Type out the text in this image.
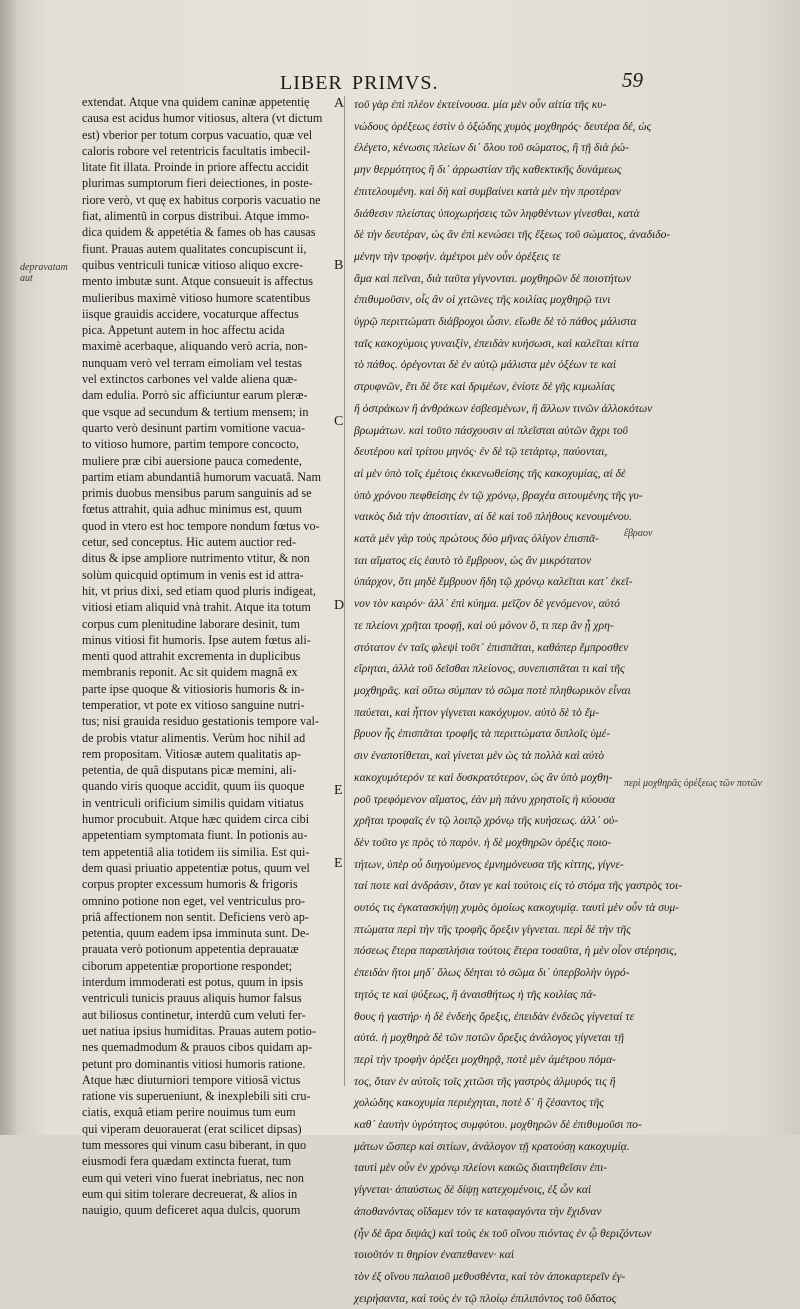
LIBER PRIMVS.	59
extendat. Atque vna quidem caninæ appetentię
causa est acidus humor vitiosus, altera (vt dictum
est) vberior per totum corpus vacuatio, quæ vel
caloris robore vel retentricis facultatis imbecil-
litate fit illata. Proinde in priore affectu accidit
plurimas sumptorum fieri deiectiones, in poste-
riore verò, vt quę ex habitus corporis vacuatio ne
fiat, alimentũ in corpus distribui. Atque immo-
dica quidem & appetétia & fames ob has causas
fiunt. Prauas autem qualitates concupiscunt ii,
quibus ventriculi tunicæ vitioso aliquo excre-
mento imbutæ sunt. Atque consueuit is affectus
mulieribus maximè vitioso humore scatentibus
iisque grauidis accidere, vocaturque affectus
pica. Appetunt autem in hoc affectu acida
maximè acerbaque, aliquando verò acria, non-
nunquam verò vel terram eimoliam vel testas
vel extinctos carbones vel valde aliena quæ-
dam edulia. Porrò sic afficiuntur earum pleræ-
que vsque ad secundum & tertium mensem; in
quarto verò desinunt partim vomitione vacua-
to vitioso humore, partim tempore concocto,
muliere præ cibi auersione pauca comedente,
partim etiam abundantiâ humorum vacuatâ. Nam
primis duobus mensibus parum sanguinis ad se
fœtus attrahit, quia adhuc minimus est, quum
quod in vtero est hoc tempore nondum fœtus vo-
cetur, sed conceptus. Hic autem auctior red-
ditus & ipse ampliore nutrimento vtitur, & non
solùm quicquid optimum in venis est id attra-
hit, vt prius dixi, sed etiam quod pluris indigeat,
vitiosi etiam aliquid vnà trahit. Atque ita totum
corpus cum plenitudine laborare desinit, tum
minus vitiosi fit humoris. Ipse autem fœtus ali-
menti quod attrahit excrementa in duplicibus
membranis reponit. Ac sit quidem magnâ ex
parte ipse quoque & vitiosioris humoris & in-
temperatior, vt pote ex vitioso sanguine nutri-
tus; nisi grauida residuo gestationis tempore val-
de probis vtatur alimentis. Verùm hoc nihil ad
rem propositam. Vitiosæ autem qualitatis ap-
petentia, de quâ disputans picæ memini, ali-
quando viris quoque accidit, quum iis quoque
in ventriculi orificium similis quidam vitiatus
humor procubuit. Atque hæc quidem circa cibi
appetentiam symptomata fiunt. In potionis au-
tem appetentiâ alia totidem iis similia. Est qui-
dem quasi priuatio appetentiæ potus, quum vel
corpus propter excessum humoris & frigoris
omnino potione non eget, vel ventriculus pro-
priâ affectionem non sentit. Deficiens verò ap-
petentia, quum eadem ipsa imminuta sunt. De-
prauata verò potionum appetentia deprauatæ
ciborum appetentiæ proportione respondet;
interdum immoderati est potus, quum in ipsis
ventriculi tunicis prauus aliquis humor falsus
aut biliosus continetur, interdũ cum veluti fer-
uet natiua ipsius humiditas. Prauas autem potio-
nes quemadmodum & prauos cibos quidam ap-
petunt pro dominantis vitiosi humoris ratione.
Atque hæc diuturniori tempore vitiosã victus
ratione vis superueniunt, & inexplebili siti cru-
ciatis, exquâ etiam perire nouimus tum eum
qui viperam deuorauerat (erat scilicet dipsas)
tum messores qui vinum casu biberant, in quo
eiusmodi fera quædam extincta fuerat, tum
eum qui veteri vino fuerat inebriatus, nec non
eum qui sitim tolerare decreuerat, & alios in
nauigio, quum deficeret aqua dulcis, quorum
τοῦ γὰρ ἐπὶ πλέον ἐκτείνουσα. μία μὲν οὖν αἰτία τῆς κυ-
νώδους ὀρέξεως ἐστὶν ὁ ὀξώδης χυμὸς μοχθηρός· δευτέρα δέ, ὡς
ἐλέγετο, κένωσις πλείων δι᾽ ὅλου τοῦ σώματος, ἢ τῇ διὰ ῥώ-
μην θερμότητος ἢ δι᾽ ἀρρωστίαν τῆς καθεκτικῆς δυνάμεως
ἐπιτελουμένη. καὶ δὴ καὶ συμβαίνει κατὰ μὲν τὴν προτέραν
διάθεσιν πλείστας ὑποχωρήσεις τῶν ληφθέντων γίνεσθαι, κατὰ
δὲ τὴν δευτέραν, ὡς ἂν ἐπὶ κενώσει τῆς ἕξεως τοῦ σώματος, ἀναδιδο-
μένην τὴν τροφήν. ἀμέτροι μὲν οὖν ὀρέξεις τε
ἅμα καὶ πεῖναι, διὰ ταῦτα γίγνονται. μοχθηρῶν δὲ ποιοτήτων
ἐπιθυμοῦσιν, οἷς ἂν οἱ χιτῶνες τῆς κοιλίας μοχθηρῷ τινι
ὑγρῷ περιττώματι διάβροχοι ὦσιν. εἴωθε δὲ τὸ πάθος μάλιστα
ταῖς κακοχύμοις γυναιξὶν, ἐπειδὰν κυήσωσι, καὶ καλεῖται κίττα
τὸ πάθος. ὀρέγονται δὲ ἐν αὐτῷ μάλιστα μὲν ὀξέων τε καὶ
στρυφνῶν, ἔτι δὲ ὅτε καὶ δριμέων, ἐνίοτε δὲ γῆς κιμωλίας
ἢ ὀστράκων ἢ ἀνθράκων ἐσβεσμένων, ἢ ἄλλων τινῶν ἀλλοκότων
βρωμάτων. καὶ τοῦτο πάσχουσιν αἱ πλεῖσται αὐτῶν ἄχρι τοῦ
δευτέρου καὶ τρίτου μηνός· ἐν δὲ τῷ τετάρτῳ, παύονται,
αἱ μὲν ὑπὸ τοῖς ἐμέτοις ἐκκενωθείσης τῆς κακοχυμίας, αἱ δὲ
ὑπὸ χρόνου πεφθείσης ἐν τῷ χρόνῳ, βραχέα σιτουμένης τῆς γυ-
ναικὸς διὰ τὴν ἀποσιτίαν, αἱ δὲ καὶ τοῦ πλήθους κενουμένου.
κατὰ μὲν γὰρ τοὺς πρώτους δύο μῆνας ὀλίγον ἐπισπᾶ-
ται αἵματος εἰς ἑαυτὸ τὸ ἔμβρυον, ὡς ἂν μικρότατον
ὑπάρχον, ὅτι μηδὲ ἔμβρυον ἤδη τῷ χρόνῳ καλεῖται κατ᾽ ἐκεῖ-
νον τὸν καιρόν· ἀλλ᾽ ἐπὶ κύημα. μεῖζον δὲ γενόμενον, αὐτό
τε πλείονι χρῆται τροφῇ, καὶ οὐ μόνον ὅ, τι περ ἂν ᾖ χρη-
στότατον ἐν ταῖς φλεψὶ τοῦτ᾽ ἐπισπᾶται, καθάπερ ἔμπροσθεν
εἴρηται, ἀλλὰ τοῦ δεῖσθαι πλείονος, συνεπισπᾶται τι καὶ τῆς
μοχθηρᾶς. καὶ οὕτω σύμπαν τὸ σῶμα ποτὲ πληθωρικὸν εἶναι
παύεται, καὶ ἧττον γίγνεται κακόχυμον. αὐτὸ δὲ τὸ ἔμ-
βρυον ἧς ἐπισπᾶται τροφῆς τὰ περιττώματα διπλοῖς ὑμέ-
σιν ἐναποτίθεται, καὶ γίνεται μὲν ὡς τὰ πολλὰ καὶ αὐτὸ
κακοχυμότερόν τε καὶ δυσκρατότερον, ὡς ἂν ὑπὸ μοχθη-
ροῦ τρεφόμενον αἵματος, ἐὰν μὴ πάνυ χρηστοῖς ἡ κύουσα
χρῆται τροφαῖς ἐν τῷ λοιπῷ χρόνῳ τῆς κυήσεως. ἀλλ᾽ οὐ-
δὲν τοῦτο γε πρὸς τὸ παρόν. ἡ δὲ μοχθηρῶν ὀρέξις ποιο-
τήτων, ὑπὲρ οὗ διηγούμενος ἐμνημόνευσα τῆς κίττης, γίγνε-
ταί ποτε καὶ ἀνδράσιν, ὅταν γε καὶ τούτοις εἰς τὸ στόμα τῆς γαστρὸς τοι-
ουτός τις ἐγκατασκήψῃ χυμὸς ὁμοίως κακοχυμίᾳ. ταυτὶ μὲν οὖν τὰ συμ-
πτώματα περὶ τὴν τῆς τροφῆς ὄρεξιν γίγνεται. περὶ δὲ τὴν τῆς
πόσεως ἕτερα παραπλήσια τούτοις ἕτερα τοσαῦτα, ἡ μὲν οἷον στέρησις,
ἐπειδὰν ἤτοι μηδ᾽ ὅλως δέηται τὸ σῶμα δι᾽ ὑπερβολὴν ὑγρό-
τητός τε καὶ ψύξεως, ἢ ἀναισθήτως ἡ τῆς κοιλίας πά-
θους ἡ γαστήρ· ἡ δὲ ἐνδεὴς ὄρεξις, ἐπειδὰν ἐνδεῶς γίγνεταί τε
αὐτά. ἡ μοχθηρὰ δὲ τῶν ποτῶν ὄρεξις ἀνάλογος γίγνεται τῇ
περὶ τὴν τροφὴν ὀρέξει μοχθηρᾷ, ποτὲ μὲν ἀμέτρου πόμα-
τος, ὅταν ἐν αὐτοῖς τοῖς χιτῶσι τῆς γαστρὸς ἁλμυρός τις ἢ
χολώδης κακοχυμία περιέχηται, ποτὲ δ᾽ ἢ ζέσαντος τῆς
καθ᾽ ἑαυτὴν ὑγρότητος συμφύτου. μοχθηρῶν δὲ ἐπιθυμοῦσι πο-
μάτων ὥσπερ καὶ σιτίων, ἀνάλογον τῇ κρατούσῃ κακοχυμίᾳ.
ταυτὶ μὲν οὖν ἐν χρόνῳ πλείονι κακῶς διαιτηθεῖσιν ἐπι-
γίγνεται· ἀπαύστως δὲ δίψῃ κατεχομένοις, ἐξ ὧν καὶ
ἀποθανόντας οἴδαμεν τόν τε καταφαγόντα τὴν ἔχιδναν
(ἦν δὲ ἄρα διψάς) καὶ τοὺς ἐκ τοῦ οἴνου πιόντας ἐν ᾧ θεριζόντων
τοιοῦτόν τι θηρίον ἐναπεθανεν· καὶ
τὸν ἐξ οἴνου παλαιοῦ μεθυσθέντα, καὶ τὸν ἀποκαρτερεῖν ἐγ-
χειρήσαντα, καὶ τοὺς ἐν τῷ πλοίῳ ἐπιλιπόντος τοῦ ὕδατος
A
B
C
D
E
E
depravatam
aut
ἔβραον
περὶ μοχθηρᾶς ὀρέξεως τῶν ποτῶν
